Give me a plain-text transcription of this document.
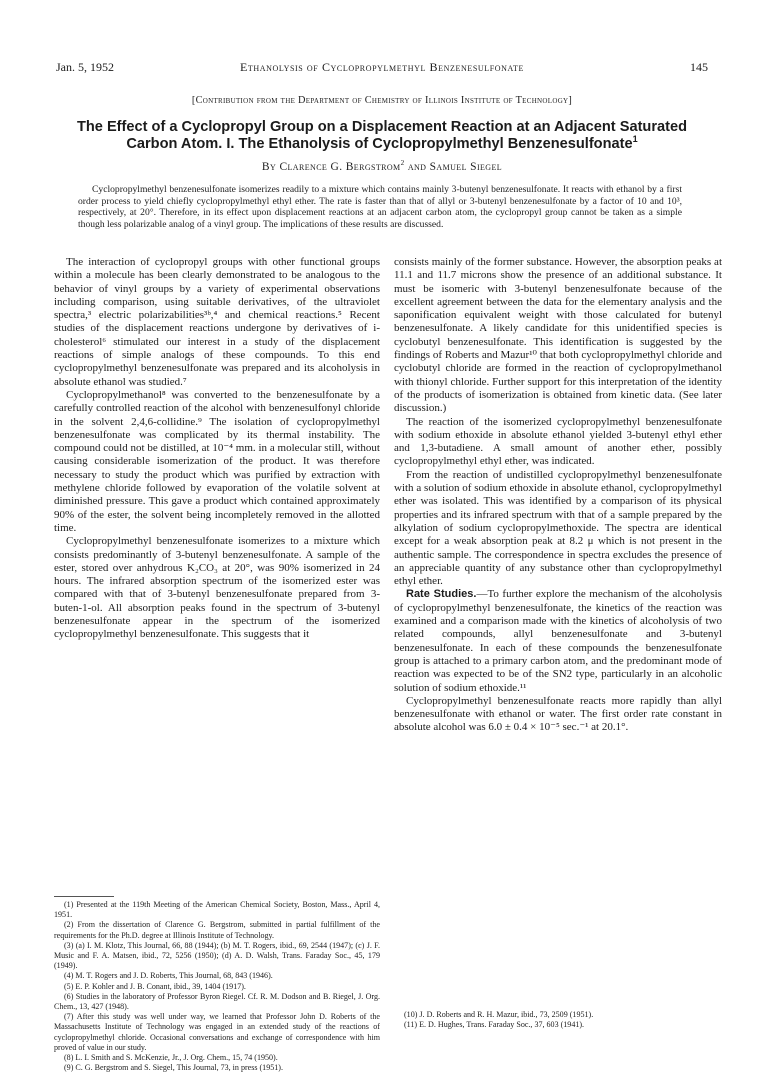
Jan. 5, 1952	Ethanolysis of Cyclopropylmethyl Benzenesulfonate	145
[Contribution from the Department of Chemistry of Illinois Institute of Technology]
The Effect of a Cyclopropyl Group on a Displacement Reaction at an Adjacent Saturated
Carbon Atom. I. The Ethanolysis of Cyclopropylmethyl Benzenesulfonate$^1$
By Clarence G. Bergstrom$^2$ and Samuel Siegel
Cyclopropylmethyl benzenesulfonate isomerizes readily to a mixture which contains mainly 3-butenyl benzenesulfonate. It reacts with ethanol by a first order process to yield chiefly cyclopropylmethyl ethyl ether. The rate is faster than that of allyl or 3-butenyl benzenesulfonate by a factor of 10 and 10³, respectively, at 20°. Therefore, in its effect upon displacement reactions at an adjacent carbon atom, the cyclopropyl group cannot be taken as a simple though less polarizable analog of a vinyl group. The implications of these results are discussed.

The interaction of cyclopropyl groups with other functional groups within a molecule has been clearly demonstrated to be analogous to the behavior of vinyl groups by a variety of experimental observations including comparison, using suitable derivatives, of the ultraviolet spectra,³ electric polarizabilities³ᵇ,⁴ and chemical reactions.⁵ Recent studies of the displacement reactions undergone by derivatives of i-cholesterol⁶ stimulated our interest in a study of the displacement reactions of simple analogs of these compounds. To this end cyclopropylmethyl benzenesulfonate was prepared and its alcoholysis in absolute ethanol was studied.⁷

Cyclopropylmethanol⁸ was converted to the benzenesulfonate by a carefully controlled reaction of the alcohol with benzenesulfonyl chloride in the solvent 2,4,6-collidine.⁹ The isolation of cyclopropylmethyl benzenesulfonate was complicated by its thermal instability. The compound could not be distilled, at 10⁻⁴ mm. in a molecular still, without causing considerable isomerization of the product. It was therefore necessary to study the product which was purified by extraction with methylene chloride followed by evaporation of the volatile solvent at diminished pressure. This gave a product which contained approximately 90% of the ester, the solvent being incompletely removed in the allotted time.

Cyclopropylmethyl benzenesulfonate isomerizes to a mixture which consists predominantly of 3-butenyl benzenesulfonate. A sample of the ester, stored over anhydrous K₂CO₃ at 20°, was 90% isomerized in 24 hours. The infrared absorption spectrum of the isomerized ester was compared with that of 3-butenyl benzenesulfonate prepared from 3-buten-1-ol. All absorption peaks found in the spectrum of 3-butenyl benzenesulfonate appear in the spectrum of the isomerized cyclopropylmethyl benzenesulfonate. This suggests that it

(1) Presented at the 119th Meeting of the American Chemical Society, Boston, Mass., April 4, 1951.

(2) From the dissertation of Clarence G. Bergstrom, submitted in partial fulfillment of the requirements for the Ph.D. degree at Illinois Institute of Technology.

(3) (a) I. M. Klotz, This Journal, 66, 88 (1944); (b) M. T. Rogers, ibid., 69, 2544 (1947); (c) J. F. Music and F. A. Matsen, ibid., 72, 5256 (1950); (d) A. D. Walsh, Trans. Faraday Soc., 45, 179 (1949).

(4) M. T. Rogers and J. D. Roberts, This Journal, 68, 843 (1946).

(5) E. P. Kohler and J. B. Conant, ibid., 39, 1404 (1917).

(6) Studies in the laboratory of Professor Byron Riegel. Cf. R. M. Dodson and B. Riegel, J. Org. Chem., 13, 427 (1948).

(7) After this study was well under way, we learned that Professor John D. Roberts of the Massachusetts Institute of Technology was engaged in an extended study of the reactions of cyclopropylmethyl chloride. Occasional conversations and exchange of correspondence with him proved of value in our study.

(8) L. I. Smith and S. McKenzie, Jr., J. Org. Chem., 15, 74 (1950).

(9) C. G. Bergstrom and S. Siegel, This Journal, 73, in press (1951).

consists mainly of the former substance. However, the absorption peaks at 11.1 and 11.7 microns show the presence of an additional substance. It must be isomeric with 3-butenyl benzenesulfonate because of the excellent agreement between the data for the elementary analysis and the saponification equivalent weight with those calculated for butenyl benzenesulfonate. A likely candidate for this unidentified species is cyclobutyl benzenesulfonate. This identification is suggested by the findings of Roberts and Mazur¹⁰ that both cyclopropylmethyl chloride and cyclobutyl chloride are formed in the reaction of cyclopropylmethanol with thionyl chloride. Further support for this interpretation of the identity of the products of isomerization is obtained from kinetic data. (See later discussion.)

The reaction of the isomerized cyclopropylmethyl benzenesulfonate with sodium ethoxide in absolute ethanol yielded 3-butenyl ethyl ether and 1,3-butadiene. A small amount of another ether, possibly cyclopropylmethyl ethyl ether, was indicated.

From the reaction of undistilled cyclopropylmethyl benzenesulfonate with a solution of sodium ethoxide in absolute ethanol, cyclopropylmethyl ether was isolated. This was identified by a comparison of its physical properties and its infrared spectrum with that of a sample prepared by the alkylation of sodium cyclopropylmethoxide. The spectra are identical except for a weak absorption peak at 8.2 μ which is not present in the authentic sample. The correspondence in spectra excludes the presence of an appreciable quantity of any substance other than cyclopropylmethyl ethyl ether.

Rate Studies.—To further explore the mechanism of the alcoholysis of cyclopropylmethyl benzenesulfonate, the kinetics of the reaction was examined and a comparison made with the kinetics of alcoholysis of two related compounds, allyl benzenesulfonate and 3-butenyl benzenesulfonate. In each of these compounds the benzenesulfonate group is attached to a primary carbon atom, and the predominant mode of reaction was expected to be of the SN2 type, particularly in an alcoholic solution of sodium ethoxide.¹¹

Cyclopropylmethyl benzenesulfonate reacts more rapidly than allyl benzenesulfonate with ethanol or water. The first order rate constant in absolute alcohol was 6.0 ± 0.4 × 10⁻⁵ sec.⁻¹ at 20.1°.

(10) J. D. Roberts and R. H. Mazur, ibid., 73, 2509 (1951).

(11) E. D. Hughes, Trans. Faraday Soc., 37, 603 (1941).
